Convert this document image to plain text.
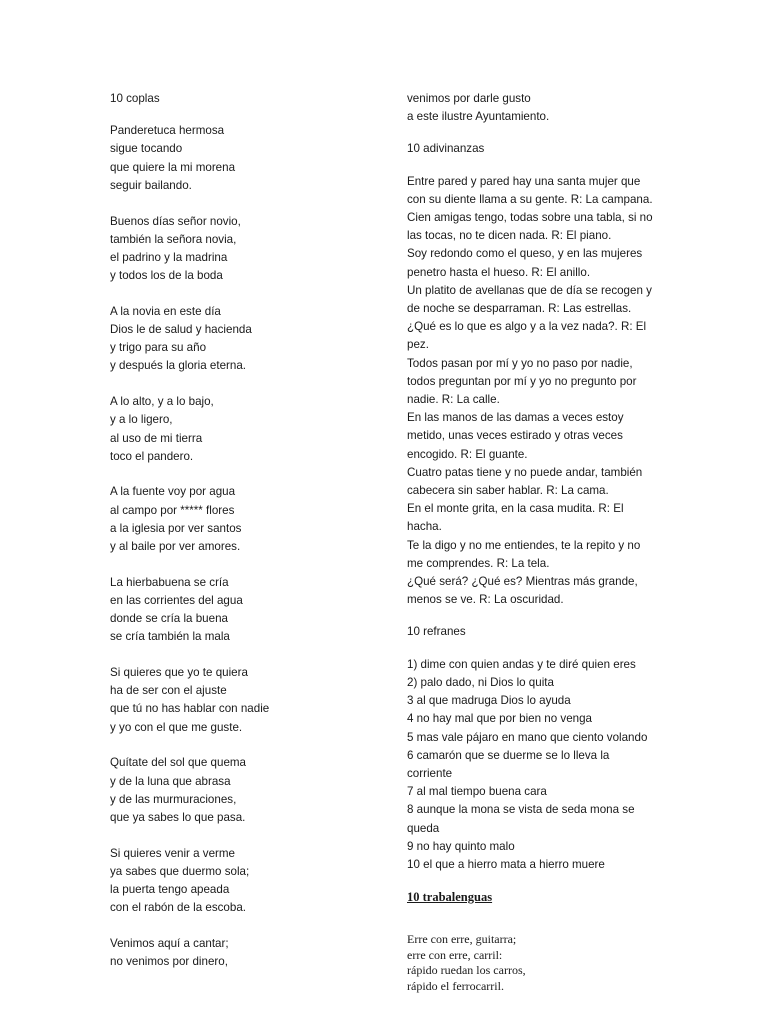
10 coplas
Panderetuca hermosa
sigue tocando
que quiere la mi morena
seguir bailando.
Buenos días señor novio,
también la señora novia,
el padrino y la madrina
y todos los de la boda
A la novia en este día
Dios le de salud y hacienda
y trigo para su año
y después la gloria eterna.
A lo alto, y a lo bajo,
y a lo ligero,
al uso de mi tierra
toco el pandero.
A la fuente voy por agua
al campo por ***** flores
a la iglesia por ver santos
y al baile por ver amores.
La hierbabuena se cría
en las corrientes del agua
donde se cría la buena
se cría también la mala
Si quieres que yo te quiera
ha de ser con el ajuste
que tú no has hablar con nadie
y yo con el que me guste.
Quítate del sol que quema
y de la luna que abrasa
y de las murmuraciones,
que ya sabes lo que pasa.
Si quieres venir a verme
ya sabes que duermo sola;
la puerta tengo apeada
con el rabón de la escoba.
Venimos aquí a cantar;
no venimos por dinero,
venimos por darle gusto
a este ilustre Ayuntamiento.
10 adivinanzas
Entre pared y pared hay una santa mujer que
con su diente llama a su gente. R: La campana.
Cien amigas tengo, todas sobre una tabla, si no
las tocas, no te dicen nada. R: El piano.
Soy redondo como el queso, y en las mujeres
penetro hasta el hueso. R: El anillo.
Un platito de avellanas que de día se recogen y
de noche se desparraman. R: Las estrellas.
¿Qué es lo que es algo y a la vez nada?. R: El
pez.
Todos pasan por mí y yo no paso por nadie,
todos preguntan por mí y yo no pregunto por
nadie. R: La calle.
En las manos de las damas a veces estoy
metido, unas veces estirado y otras veces
encogido. R: El guante.
Cuatro patas tiene y no puede andar, también
cabecera sin saber hablar. R: La cama.
En el monte grita, en la casa mudita. R: El
hacha.
Te la digo y no me entiendes, te la repito y no
me comprendes. R: La tela.
¿Qué será? ¿Qué es? Mientras más grande,
menos se ve. R: La oscuridad.
10 refranes
1) dime con quien andas y te diré quien eres
2) palo dado, ni Dios lo quita
3 al que madruga Dios lo ayuda
4 no hay mal que por bien no venga
5 mas vale pájaro en mano que ciento volando
6 camarón que se duerme se lo lleva la
corriente
7 al mal tiempo buena cara
8 aunque la mona se vista de seda mona se
queda
9 no hay quinto malo
10 el que a hierro mata a hierro muere
10 trabalenguas
Erre con erre, guitarra;
erre con erre, carril:
rápido ruedan los carros,
rápido el ferrocarril.
